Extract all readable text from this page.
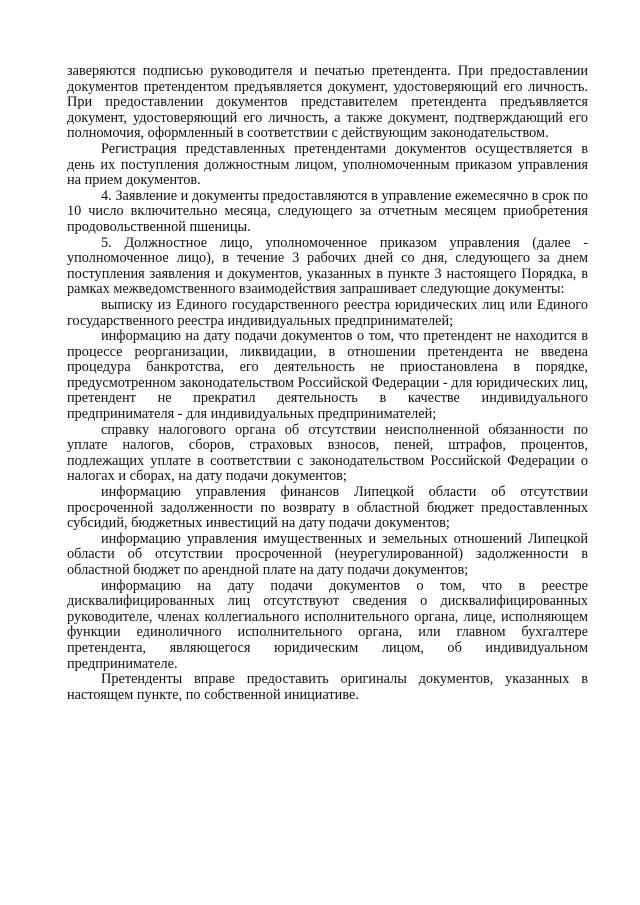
заверяются подписью руководителя и печатью претендента. При предоставлении документов претендентом предъявляется документ, удостоверяющий его личность. При предоставлении документов представителем претендента предъявляется документ, удостоверяющий его личность, а также документ, подтверждающий его полномочия, оформленный в соответствии с действующим законодательством.

Регистрация представленных претендентами документов осуществляется в день их поступления должностным лицом, уполномоченным приказом управления на прием документов.

4. Заявление и документы предоставляются в управление ежемесячно в срок по 10 число включительно месяца, следующего за отчетным месяцем приобретения продовольственной пшеницы.

5. Должностное лицо, уполномоченное приказом управления (далее - уполномоченное лицо), в течение 3 рабочих дней со дня, следующего за днем поступления заявления и документов, указанных в пункте 3 настоящего Порядка, в рамках межведомственного взаимодействия запрашивает следующие документы:

выписку из Единого государственного реестра юридических лиц или Единого государственного реестра индивидуальных предпринимателей;

информацию на дату подачи документов о том, что претендент не находится в процессе реорганизации, ликвидации, в отношении претендента не введена процедура банкротства, его деятельность не приостановлена в порядке, предусмотренном законодательством Российской Федерации - для юридических лиц, претендент не прекратил деятельность в качестве индивидуального предпринимателя - для индивидуальных предпринимателей;

справку налогового органа об отсутствии неисполненной обязанности по уплате налогов, сборов, страховых взносов, пеней, штрафов, процентов, подлежащих уплате в соответствии с законодательством Российской Федерации о налогах и сборах, на дату подачи документов;

информацию управления финансов Липецкой области об отсутствии просроченной задолженности по возврату в областной бюджет предоставленных субсидий, бюджетных инвестиций на дату подачи документов;

информацию управления имущественных и земельных отношений Липецкой области об отсутствии просроченной (неурегулированной) задолженности в областной бюджет по арендной плате на дату подачи документов;

информацию на дату подачи документов о том, что в реестре дисквалифицированных лиц отсутствуют сведения о дисквалифицированных руководителе, членах коллегиального исполнительного органа, лице, исполняющем функции единоличного исполнительного органа, или главном бухгалтере претендента, являющегося юридическим лицом, об индивидуальном предпринимателе.

Претенденты вправе предоставить оригиналы документов, указанных в настоящем пункте, по собственной инициативе.
